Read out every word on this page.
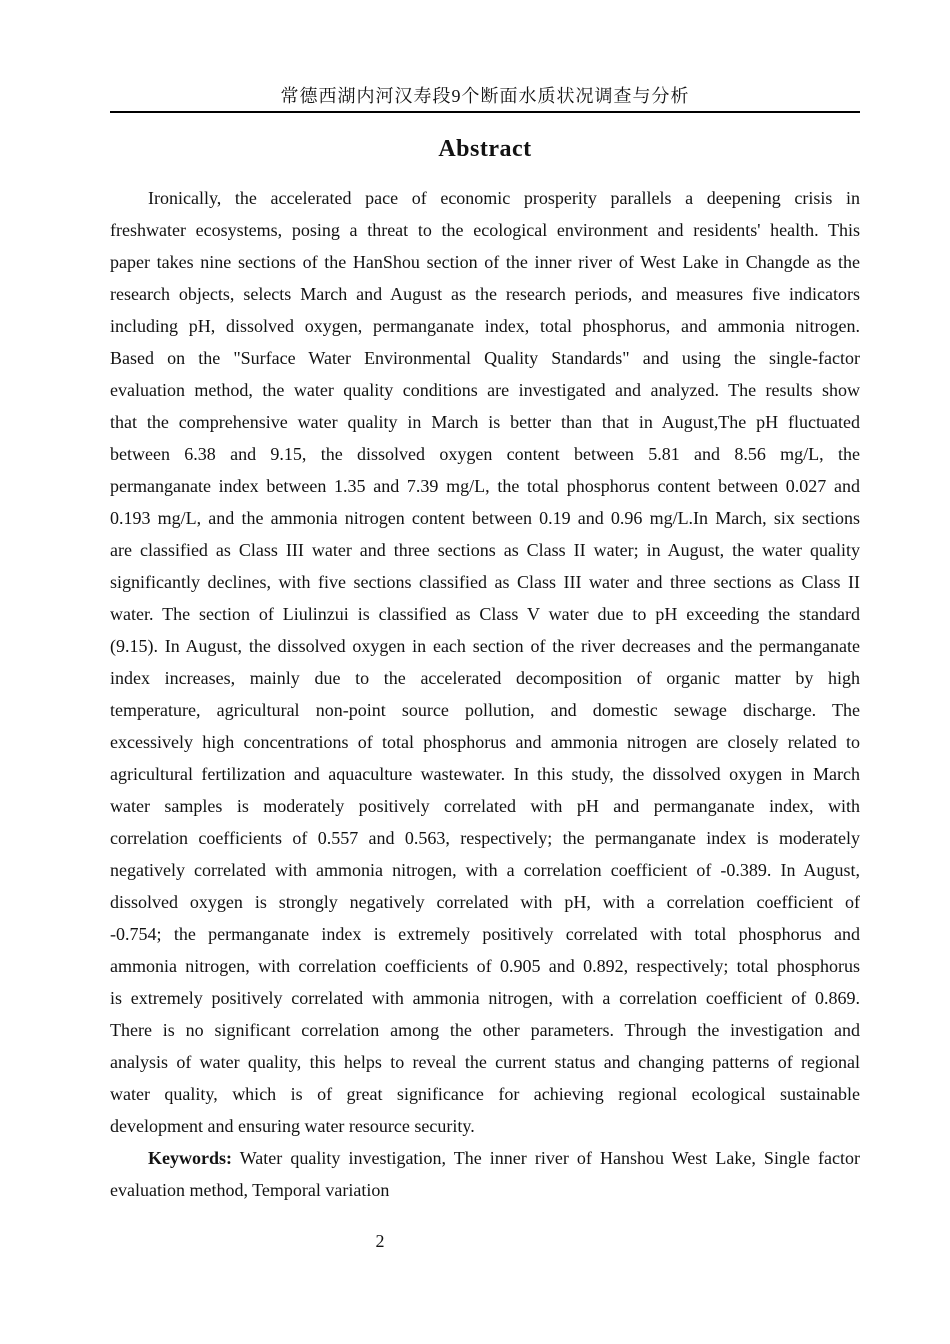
常德西湖内河汉寿段9个断面水质状况调查与分析
Abstract
Ironically, the accelerated pace of economic prosperity parallels a deepening crisis in
freshwater ecosystems, posing a threat to the ecological environment and residents' health. This
paper takes nine sections of the HanShou section of the inner river of West Lake in Changde as the
research objects, selects March and August as the research periods, and measures five indicators
including pH, dissolved oxygen, permanganate index, total phosphorus, and ammonia nitrogen.
Based on the "Surface Water Environmental Quality Standards" and using the single-factor
evaluation method, the water quality conditions are investigated and analyzed. The results show
that the comprehensive water quality in March is better than that in August,The pH fluctuated
between 6.38 and 9.15, the dissolved oxygen content between 5.81 and 8.56 mg/L, the
permanganate index between 1.35 and 7.39 mg/L, the total phosphorus content between 0.027 and
0.193 mg/L, and the ammonia nitrogen content between 0.19 and 0.96 mg/L.In March, six sections
are classified as Class III water and three sections as Class II water; in August, the water quality
significantly declines, with five sections classified as Class III water and three sections as Class II
water. The section of Liulinzui is classified as Class V water due to pH exceeding the standard
(9.15). In August, the dissolved oxygen in each section of the river decreases and the permanganate
index increases, mainly due to the accelerated decomposition of organic matter by high
temperature, agricultural non-point source pollution, and domestic sewage discharge. The
excessively high concentrations of total phosphorus and ammonia nitrogen are closely related to
agricultural fertilization and aquaculture wastewater. In this study, the dissolved oxygen in March
water samples is moderately positively correlated with pH and permanganate index, with
correlation coefficients of 0.557 and 0.563, respectively; the permanganate index is moderately
negatively correlated with ammonia nitrogen, with a correlation coefficient of -0.389. In August,
dissolved oxygen is strongly negatively correlated with pH, with a correlation coefficient of
-0.754; the permanganate index is extremely positively correlated with total phosphorus and
ammonia nitrogen, with correlation coefficients of 0.905 and 0.892, respectively; total phosphorus
is extremely positively correlated with ammonia nitrogen, with a correlation coefficient of 0.869.
There is no significant correlation among the other parameters. Through the investigation and
analysis of water quality, this helps to reveal the current status and changing patterns of regional
water quality, which is of great significance for achieving regional ecological sustainable
development and ensuring water resource security.
Keywords: Water quality investigation, The inner river of Hanshou West Lake, Single factor
evaluation method, Temporal variation
2
